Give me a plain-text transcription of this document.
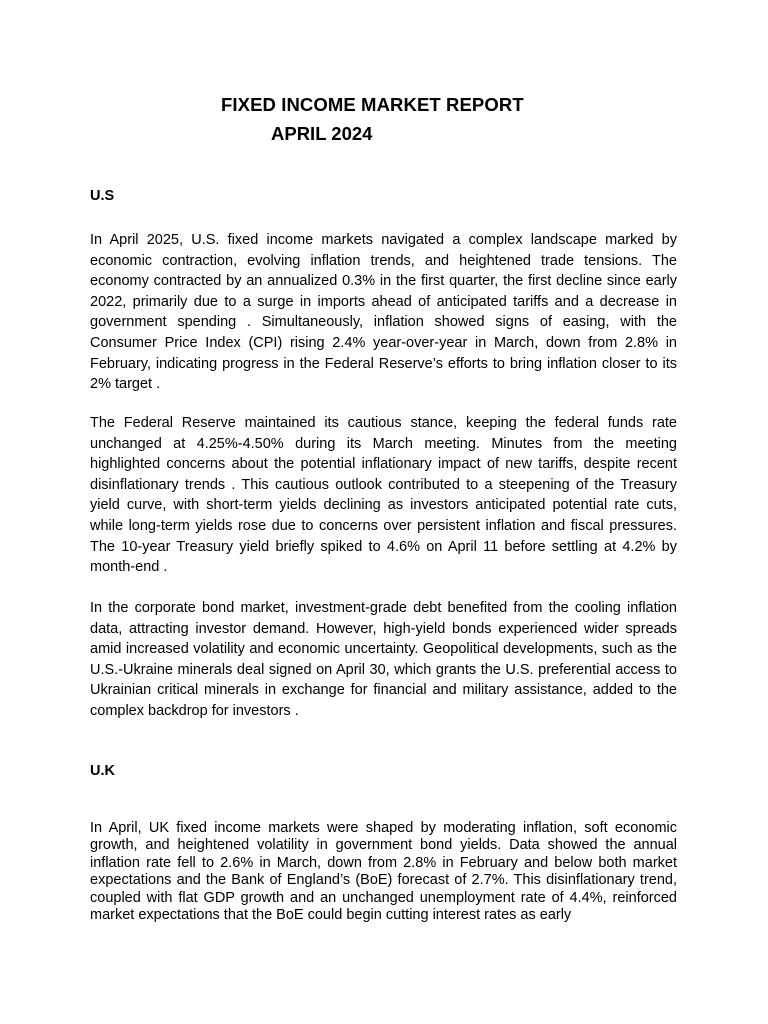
FIXED INCOME MARKET REPORT
APRIL 2024
U.S

In April 2025, U.S. fixed income markets navigated a complex landscape marked by economic contraction, evolving inflation trends, and heightened trade tensions. The economy contracted by an annualized 0.3% in the first quarter, the first decline since early 2022, primarily due to a surge in imports ahead of anticipated tariffs and a decrease in government spending . Simultaneously, inflation showed signs of easing, with the Consumer Price Index (CPI) rising 2.4% year-over-year in March, down from 2.8% in February, indicating progress in the Federal Reserve’s efforts to bring inflation closer to its 2% target .

The Federal Reserve maintained its cautious stance, keeping the federal funds rate unchanged at 4.25%-4.50% during its March meeting. Minutes from the meeting highlighted concerns about the potential inflationary impact of new tariffs, despite recent disinflationary trends . This cautious outlook contributed to a steepening of the Treasury yield curve, with short-term yields declining as investors anticipated potential rate cuts, while long-term yields rose due to concerns over persistent inflation and fiscal pressures. The 10-year Treasury yield briefly spiked to 4.6% on April 11 before settling at 4.2% by month-end .

In the corporate bond market, investment-grade debt benefited from the cooling inflation data, attracting investor demand. However, high-yield bonds experienced wider spreads amid increased volatility and economic uncertainty. Geopolitical developments, such as the U.S.-Ukraine minerals deal signed on April 30, which grants the U.S. preferential access to Ukrainian critical minerals in exchange for financial and military assistance, added to the complex backdrop for investors .

U.K

In April, UK fixed income markets were shaped by moderating inflation, soft economic growth, and heightened volatility in government bond yields. Data showed the annual inflation rate fell to 2.6% in March, down from 2.8% in February and below both market expectations and the Bank of England’s (BoE) forecast of 2.7%. This disinflationary trend, coupled with flat GDP growth and an unchanged unemployment rate of 4.4%, reinforced market expectations that the BoE could begin cutting interest rates as early
